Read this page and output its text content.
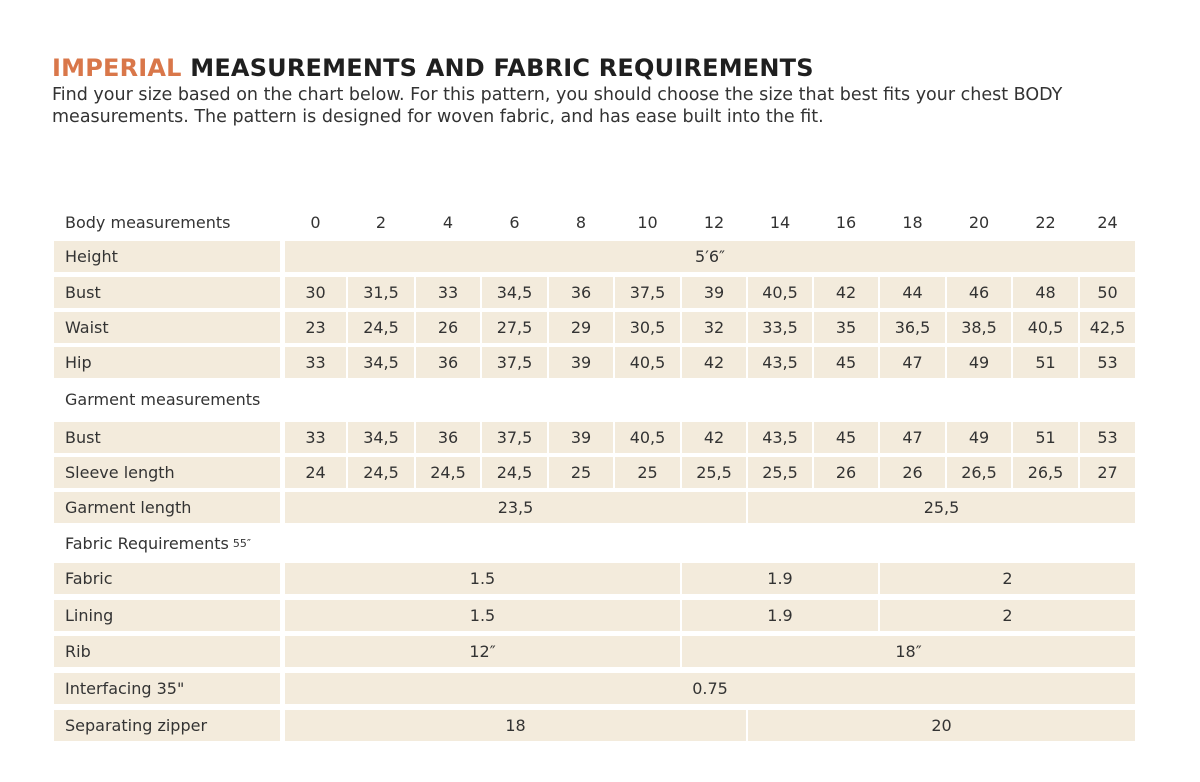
IMPERIAL MEASUREMENTS AND FABRIC REQUIREMENTS

Find your size based on the chart below. For this pattern, you should choose the size that best fits your chest BODY measurements. The pattern is designed for woven fabric, and has ease built into the fit.

Body measurements	0	2	4	6	8	10	12	14	16	18	20	22	24
Height	5′6″
Bust	30	31,5	33	34,5	36	37,5	39	40,5	42	44	46	48	50
Waist	23	24,5	26	27,5	29	30,5	32	33,5	35	36,5	38,5	40,5	42,5
Hip	33	34,5	36	37,5	39	40,5	42	43,5	45	47	49	51	53
Garment measurements
Bust	33	34,5	36	37,5	39	40,5	42	43,5	45	47	49	51	53
Sleeve length	24	24,5	24,5	24,5	25	25	25,5	25,5	26	26	26,5	26,5	27
Garment length	23,5	25,5
Fabric Requirements 55″
Fabric	1.5	1.9	2
Lining	1.5	1.9	2
Rib	12″	18″
Interfacing 35"	0.75
Separating zipper	18	20
